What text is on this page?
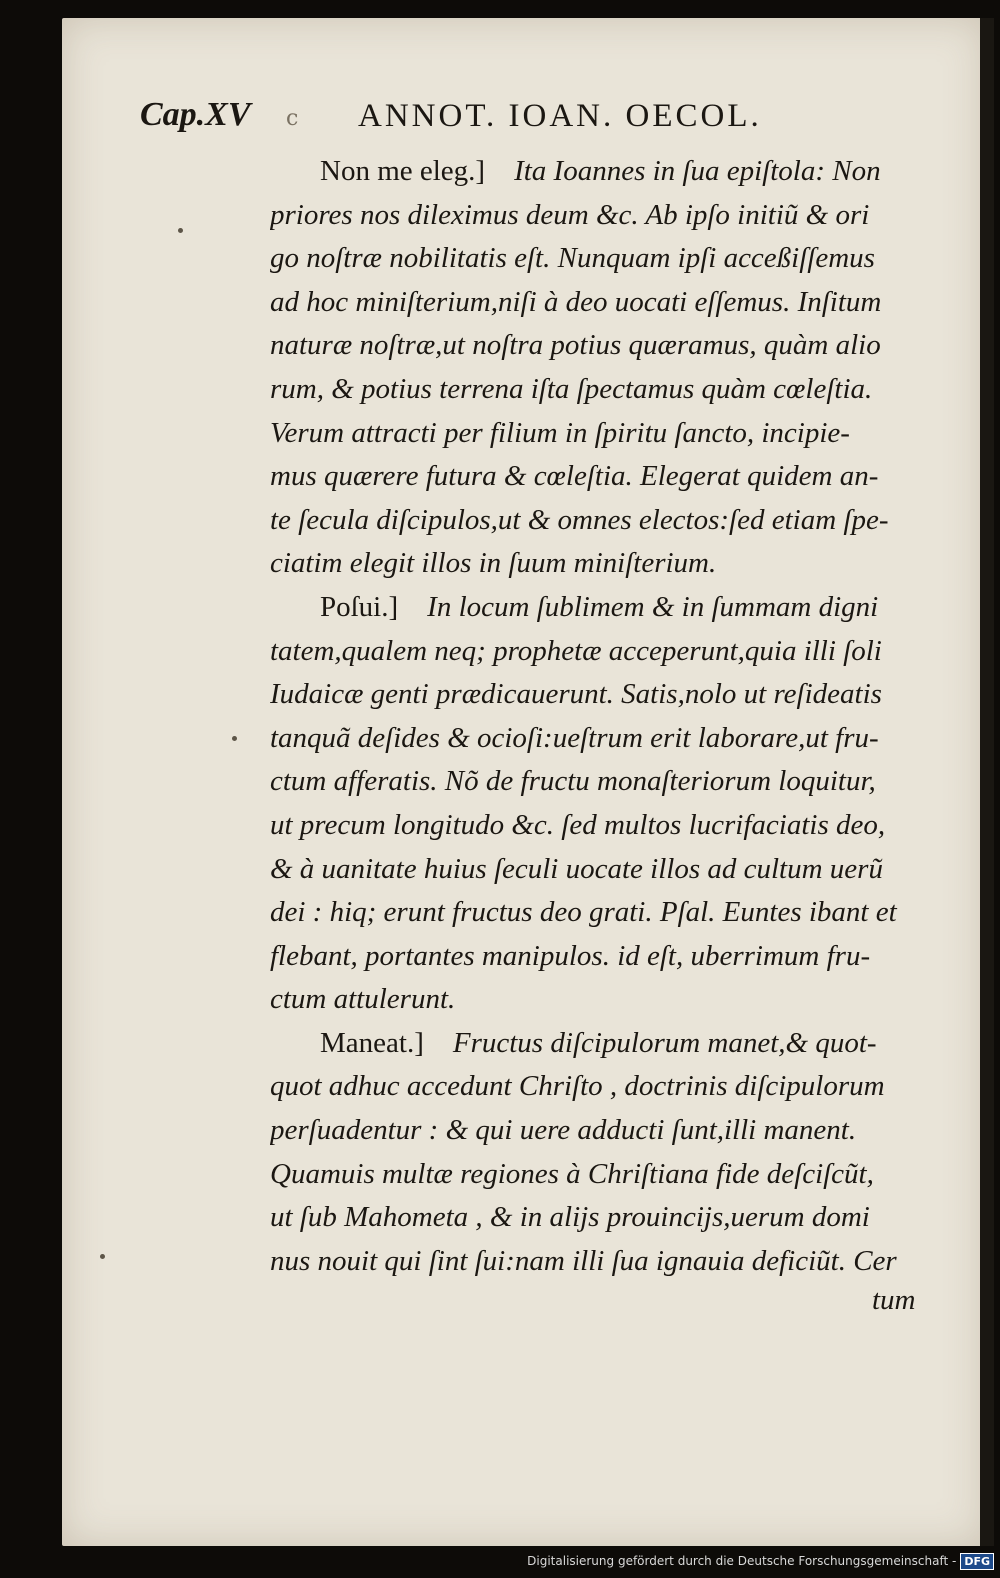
Cap.XV c ANNOT. IOAN. OECOL.
Non me eleg.]  Ita Ioannes in ſua epiſtola: Non
priores nos dileximus deum &c. Ab ipſo initiũ & ori
go noſtræ nobilitatis eſt. Nunquam ipſi acceßiſſemus
ad hoc miniſterium,niſi à deo uocati eſſemus. Inſitum
naturæ noſtræ,ut noſtra potius quæramus, quàm alio
rum, & potius terrena iſta ſpectamus quàm cœleſtia.
Verum attracti per filium in ſpiritu ſancto, incipie-
mus quærere futura & cœleſtia. Elegerat quidem an-
te ſecula diſcipulos,ut & omnes electos:ſed etiam ſpe-
ciatim elegit illos in ſuum miniſterium.
Poſui.]  In locum ſublimem & in ſummam digni
tatem,qualem neq; prophetæ acceperunt,quia illi ſoli
Iudaicæ genti prædicauerunt. Satis,nolo ut reſideatis
tanquã deſides & ocioſi:ueſtrum erit laborare,ut fru-
ctum afferatis. Nõ de fructu monaſteriorum loquitur,
ut precum longitudo &c. ſed multos lucrifaciatis deo,
& à uanitate huius ſeculi uocate illos ad cultum uerũ
dei : hiq; erunt fructus deo grati. Pſal. Euntes ibant et
flebant, portantes manipulos. id eſt, uberrimum fru-
ctum attulerunt.
Maneat.]  Fructus diſcipulorum manet,& quot-
quot adhuc accedunt Chriſto , doctrinis diſcipulorum
perſuadentur : & qui uere adducti ſunt,illi manent.
Quamuis multæ regiones à Chriſtiana fide deſciſcũt,
ut ſub Mahometa , & in alijs prouincijs,uerum domi
nus nouit qui ſint ſui:nam illi ſua ignauia deficiũt. Cer
tum
Digitalisierung gefördert durch die Deutsche Forschungsgemeinschaft - DFG
